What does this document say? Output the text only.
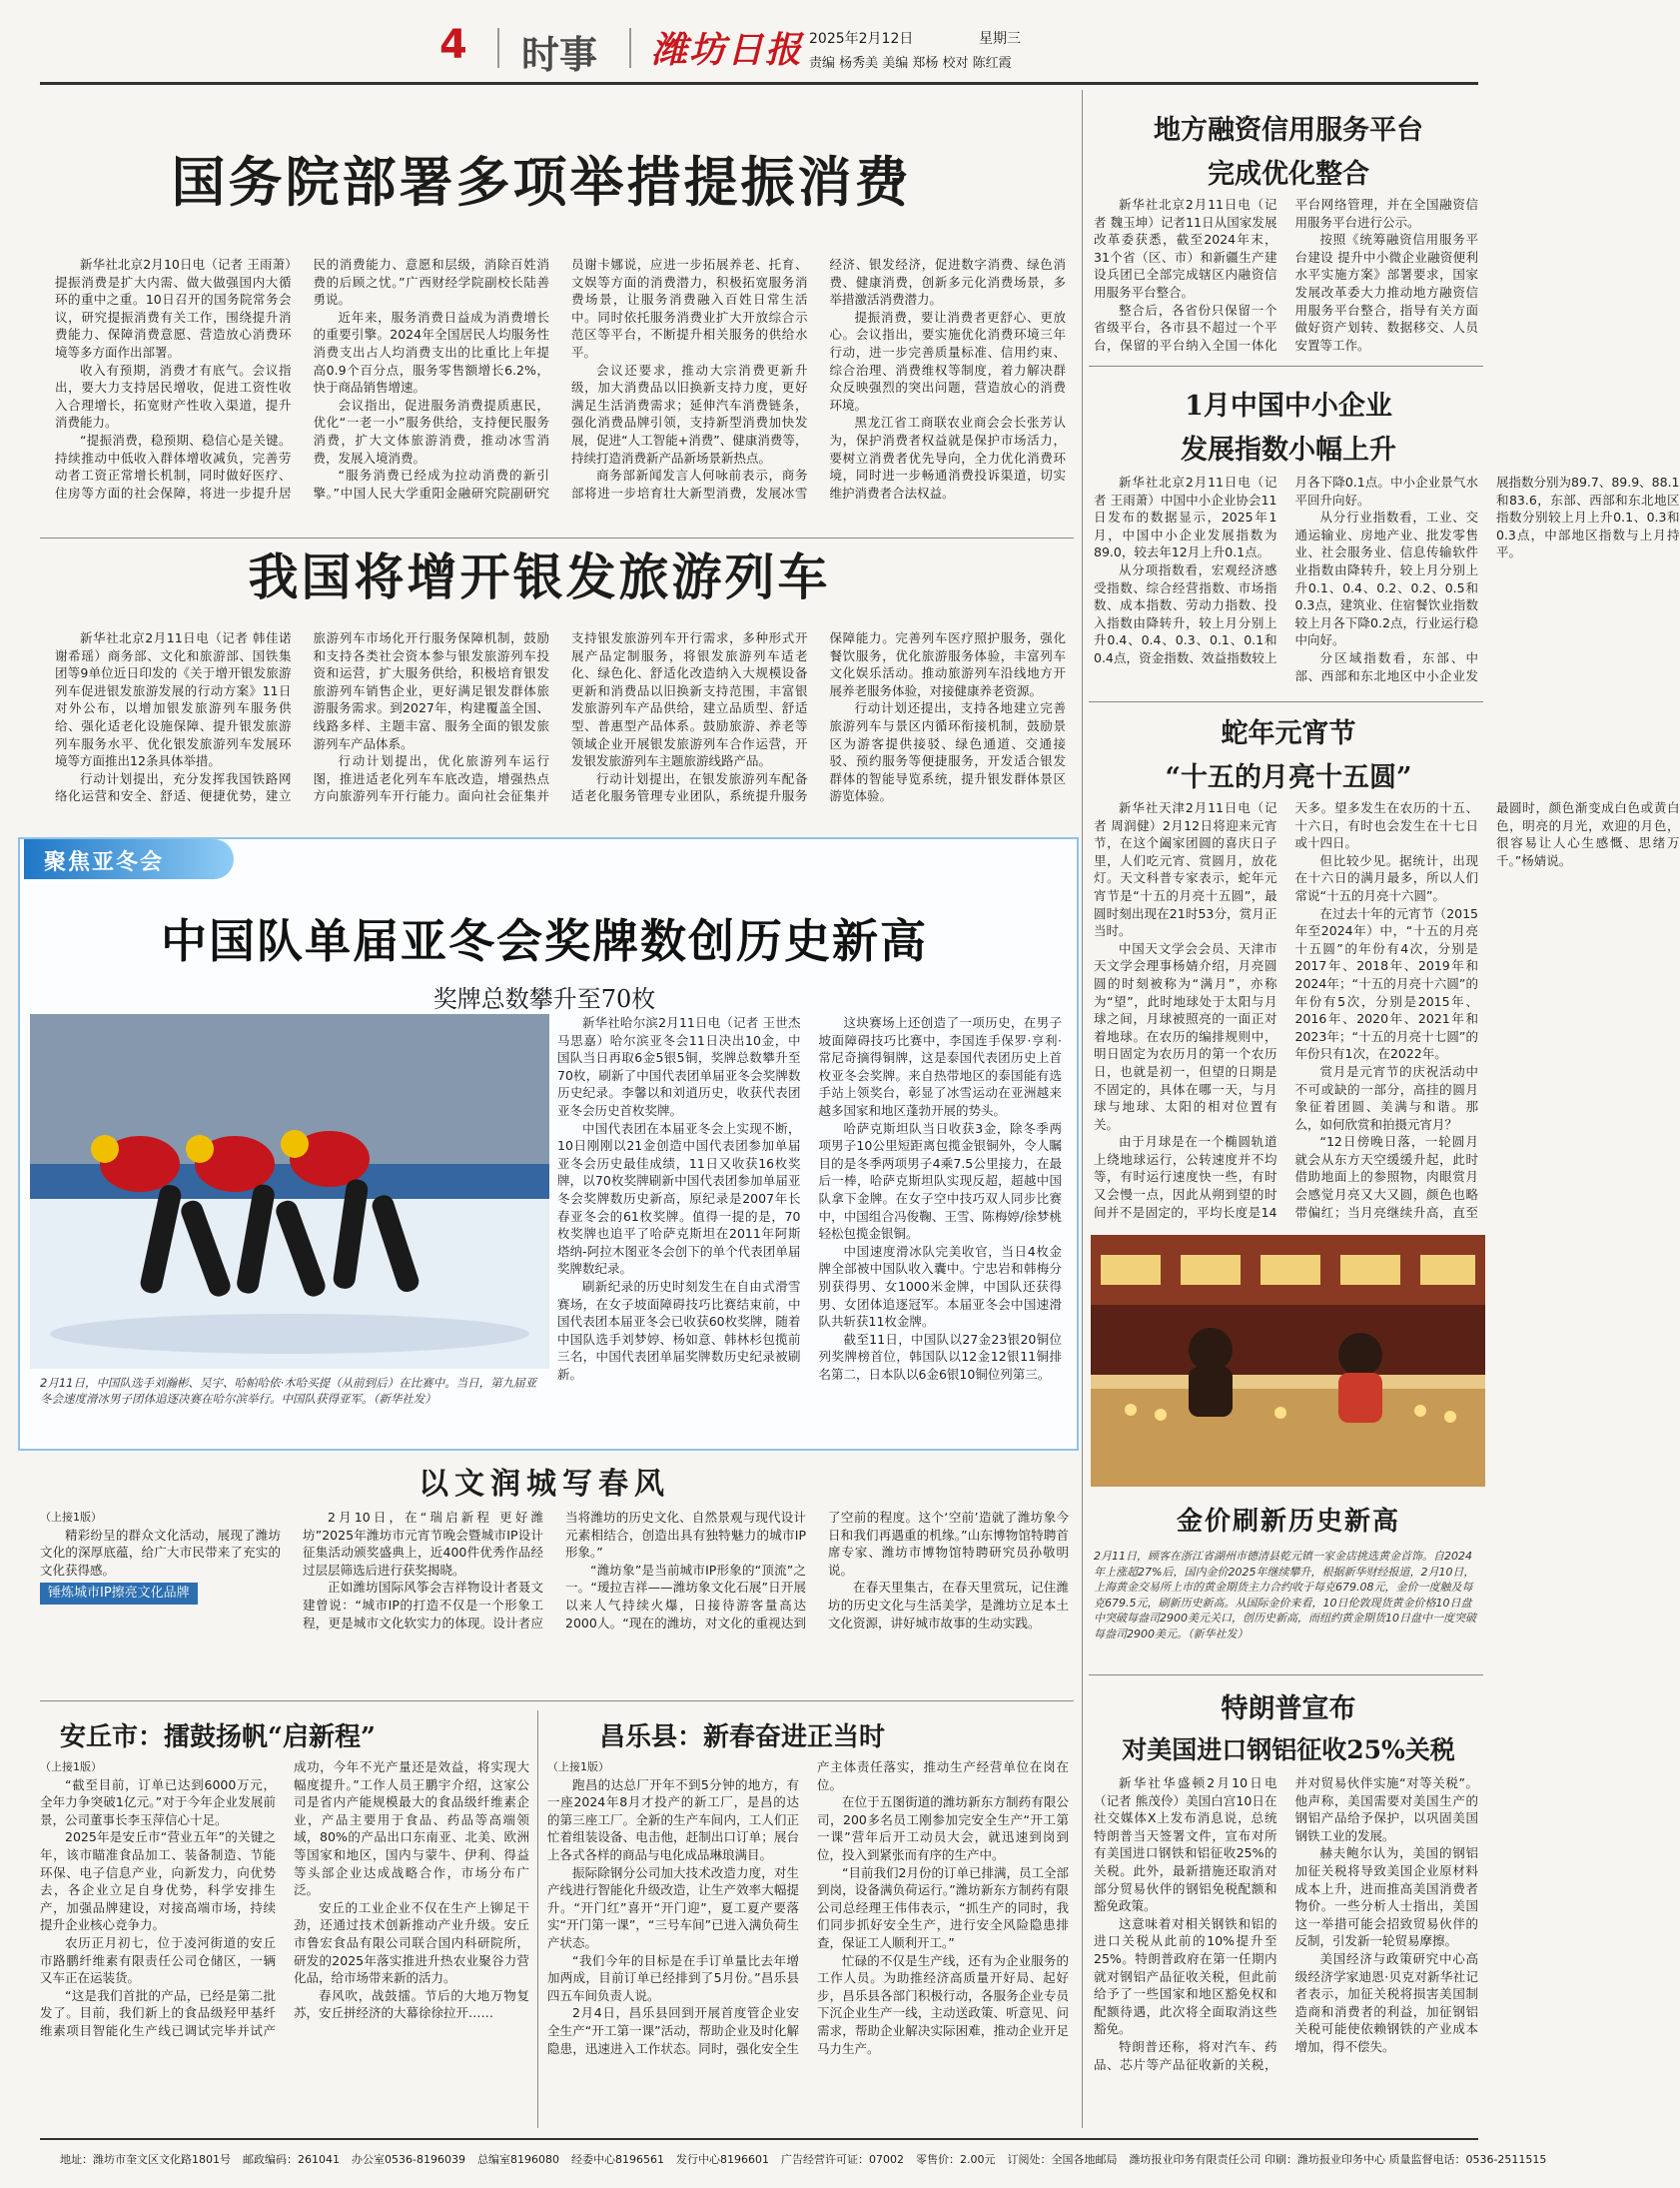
4 时事 潍坊日报 2025年2月12日	星期三
责编 杨秀美 美编 郑杨 校对 陈红霞
国务院部署多项举措提振消费

新华社北京2月10日电（记者 王雨萧）提振消费是扩大内需、做大做强国内大循环的重中之重。10日召开的国务院常务会议，研究提振消费有关工作，围绕提升消费能力、保障消费意愿、营造放心消费环境等多方面作出部署。

收入有预期，消费才有底气。会议指出，要大力支持居民增收，促进工资性收入合理增长，拓宽财产性收入渠道，提升消费能力。

“提振消费，稳预期、稳信心是关键。持续推动中低收入群体增收减负，完善劳动者工资正常增长机制，同时做好医疗、住房等方面的社会保障，将进一步提升居民的消费能力、意愿和层级，消除百姓消费的后顾之忧。”广西财经学院副校长陆善勇说。

近年来，服务消费日益成为消费增长的重要引擎。2024年全国居民人均服务性消费支出占人均消费支出的比重比上年提高0.9个百分点，服务零售额增长6.2%，快于商品销售增速。

会议指出，促进服务消费提质惠民，优化“一老一小”服务供给，支持便民服务消费，扩大文体旅游消费，推动冰雪消费，发展入境消费。

“服务消费已经成为拉动消费的新引擎。”中国人民大学重阳金融研究院副研究员谢卡娜说，应进一步拓展养老、托育、文娱等方面的消费潜力，积极拓宽服务消费场景，让服务消费融入百姓日常生活中。同时依托服务消费业扩大开放综合示范区等平台，不断提升相关服务的供给水平。

会议还要求，推动大宗消费更新升级，加大消费品以旧换新支持力度，更好满足生活消费需求；延伸汽车消费链条，强化消费品牌引领，支持新型消费加快发展，促进“人工智能+消费”、健康消费等，持续打造消费新产品新场景新热点。

商务部新闻发言人何咏前表示，商务部将进一步培育壮大新型消费，发展冰雪经济、银发经济，促进数字消费、绿色消费、健康消费，创新多元化消费场景，多举措激活消费潜力。

提振消费，要让消费者更舒心、更放心。会议指出，要实施优化消费环境三年行动，进一步完善质量标准、信用约束、综合治理、消费维权等制度，着力解决群众反映强烈的突出问题，营造放心的消费环境。

黑龙江省工商联农业商会会长张芳认为，保护消费者权益就是保护市场活力，要树立消费者优先导向，全力优化消费环境，同时进一步畅通消费投诉渠道，切实维护消费者合法权益。

我国将增开银发旅游列车

新华社北京2月11日电（记者 韩佳诺 谢希瑶）商务部、文化和旅游部、国铁集团等9单位近日印发的《关于增开银发旅游列车促进银发旅游发展的行动方案》11日对外公布，以增加银发旅游列车服务供给、强化适老化设施保障、提升银发旅游列车服务水平、优化银发旅游列车发展环境等方面推出12条具体举措。

行动计划提出，充分发挥我国铁路网络化运营和安全、舒适、便捷优势，建立旅游列车市场化开行服务保障机制，鼓励和支持各类社会资本参与银发旅游列车投资和运营，扩大服务供给，积极培育银发旅游列车销售企业，更好满足银发群体旅游服务需求。到2027年，构建覆盖全国、线路多样、主题丰富、服务全面的银发旅游列车产品体系。

行动计划提出，优化旅游列车运行图，推进适老化列车车底改造，增强热点方向旅游列车开行能力。面向社会征集并支持银发旅游列车开行需求，多种形式开展产品定制服务，将银发旅游列车适老化、绿色化、舒适化改造纳入大规模设备更新和消费品以旧换新支持范围，丰富银发旅游列车产品供给，建立品质型、舒适型、普惠型产品体系。鼓励旅游、养老等领域企业开展银发旅游列车合作运营，开发银发旅游列车主题旅游线路产品。

行动计划提出，在银发旅游列车配备适老化服务管理专业团队，系统提升服务保障能力。完善列车医疗照护服务，强化餐饮服务，优化旅游服务体验，丰富列车文化娱乐活动。推动旅游列车沿线地方开展养老服务体验，对接健康养老资源。

行动计划还提出，支持各地建立完善旅游列车与景区内循环衔接机制，鼓励景区为游客提供接驳、绿色通道、交通接驳、预约服务等便捷服务，开发适合银发群体的智能导览系统，提升银发群体景区游览体验。

聚焦亚冬会
中国队单届亚冬会奖牌数创历史新高
奖牌总数攀升至70枚
2月11日，中国队选手刘瀚彬、吴宇、哈帕哈依·木哈买提（从前到后）在比赛中。当日，第九届亚冬会速度滑冰男子团体追逐决赛在哈尔滨举行。中国队获得亚军。（新华社发）

新华社哈尔滨2月11日电（记者 王世杰 马思嘉）哈尔滨亚冬会11日决出10金，中国队当日再取6金5银5铜，奖牌总数攀升至70枚，刷新了中国代表团单届亚冬会奖牌数历史纪录。李馨以和刘逍历史，收获代表团亚冬会历史首枚奖牌。

中国代表团在本届亚冬会上实现不断，10日刚刚以21金创造中国代表团参加单届亚冬会历史最佳成绩，11日又收获16枚奖牌，以70枚奖牌刷新中国代表团参加单届亚冬会奖牌数历史新高，原纪录是2007年长春亚冬会的61枚奖牌。值得一提的是，70枚奖牌也追平了哈萨克斯坦在2011年阿斯塔纳-阿拉木图亚冬会创下的单个代表团单届奖牌数纪录。

刷新纪录的历史时刻发生在自由式滑雪赛场，在女子坡面障碍技巧比赛结束前，中国代表团本届亚冬会已收获60枚奖牌，随着中国队选手刘梦婷、杨如意、韩林杉包揽前三名，中国代表团单届奖牌数历史纪录被刷新。

这块赛场上还创造了一项历史，在男子坡面障碍技巧比赛中，李国连手保罗·亨利·常尼奇摘得铜牌，这是泰国代表团历史上首枚亚冬会奖牌。来自热带地区的泰国能有选手站上领奖台，彰显了冰雪运动在亚洲越来越多国家和地区蓬勃开展的势头。

哈萨克斯坦队当日收获3金，除冬季两项男子10公里短距离包揽金银铜外，令人瞩目的是冬季两项男子4乘7.5公里接力，在最后一棒，哈萨克斯坦队实现反超，超越中国队拿下金牌。在女子空中技巧双人同步比赛中，中国组合冯俊鞠、王雪、陈梅婷/徐梦桃轻松包揽金银铜。

中国速度滑冰队完美收官，当日4枚金牌全部被中国队收入囊中。宁忠岩和韩梅分别获得男、女1000米金牌，中国队还获得男、女团体追逐冠军。本届亚冬会中国速滑队共斩获11枚金牌。

截至11日，中国队以27金23银20铜位列奖牌榜首位，韩国队以12金12银11铜排名第二，日本队以6金6银10铜位列第三。

以文润城写春风
（上接1版）

精彩纷呈的群众文化活动，展现了潍坊文化的深厚底蕴，给广大市民带来了充实的文化获得感。

锤炼城市IP擦亮文化品牌

2月10日，在“瑞启新程 更好潍坊”2025年潍坊市元宵节晚会暨城市IP设计征集活动颁奖盛典上，近400件优秀作品经过层层筛选后进行获奖揭晓。

正如潍坊国际风筝会吉祥物设计者聂文建曾说：“城市IP的打造不仅是一个形象工程，更是城市文化软实力的体现。设计者应当将潍坊的历史文化、自然景观与现代设计元素相结合，创造出具有独特魅力的城市IP形象。”

“潍坊象”是当前城市IP形象的“顶流”之一。“瑷拉吉祥——潍坊象文化石展”日开展以来人气持续火爆，日接待游客量高达2000人。“现在的潍坊，对文化的重视达到了空前的程度。这个‘空前’造就了潍坊象今日和我们再遇重的机缘。”山东博物馆特聘首席专家、潍坊市博物馆特聘研究员孙敬明说。

在春天里集古，在春天里赏玩，记住潍坊的历史文化与生活美学，是潍坊立足本土文化资源，讲好城市故事的生动实践。

安丘市：擂鼓扬帆“启新程”
（上接1版）

“截至目前，订单已达到6000万元，全年力争突破1亿元。”对于今年企业发展前景，公司董事长李玉萍信心十足。

2025年是安丘市“营业五年”的关键之年，该市瞄准食品加工、装备制造、节能环保、电子信息产业，向新发力，向优势去，各企业立足自身优势，科学安排生产，加强品牌建设，对接高端市场，持续提升企业核心竞争力。

农历正月初七，位于凌河街道的安丘市路鹏纤维素有限责任公司仓储区，一辆又车正在运装货。

“这是我们首批的产品，已经是第二批发了。目前，我们新上的食品级羟甲基纤维素项目智能化生产线已调试完毕并试产成功，今年不光产量还是效益，将实现大幅度提升。”工作人员王鹏宇介绍，这家公司是省内产能规模最大的食品级纤维素企业，产品主要用于食品、药品等高端领域，80%的产品出口东南亚、北美、欧洲等国家和地区，国内与蒙牛、伊利、得益等头部企业达成战略合作，市场分布广泛。

安丘的工业企业不仅在生产上铆足干劲，还通过技术创新推动产业升级。安丘市鲁宏食品有限公司联合国内科研院所，研发的2025年落实推进升热农业聚谷力营化品，给市场带来新的活力。

春风吹，战鼓擂。节后的大地万物复苏，安丘拼经济的大幕徐徐拉开……

昌乐县：新春奋进正当时
（上接1版）

跑昌的达总厂开年不到5分钟的地方，有一座2024年8月才投产的新工厂，是昌的达的第三座工厂。全新的生产车间内，工人们正忙着组装设备、电击他，赶制出口订单；展台上各式各样的商品与电化成品琳琅满目。

振际除钢分公司加大技术改造力度，对生产线进行智能化升级改造，让生产效率大幅提升。“开门红”喜开“开门迎”，夏工夏产要落实“开门第一课”，“三号车间”已进入满负荷生产状态。

“我们今年的目标是在手订单量比去年增加两成，目前订单已经排到了5月份。”昌乐县四五车间负责人说。

2月4日，昌乐县回到开展首度管企业安全生产“开工第一课”活动，帮助企业及时化解隐患，迅速进入工作状态。同时，强化安全生产主体责任落实，推动生产经营单位在岗在位。

在位于五图街道的潍坊新东方制药有限公司，200多名员工刚参加完安全生产“开工第一课”营年后开工动员大会，就迅速到岗到位，投入到紧张而有序的生产中。

“目前我们2月份的订单已排满，员工全部到岗，设备满负荷运行。”潍坊新东方制药有限公司总经理王伟伟表示，“抓生产的同时，我们同步抓好安全生产，进行安全风险隐患排查，保证工人顺利开工。”

忙碌的不仅是生产线，还有为企业服务的工作人员。为助推经济高质量开好局、起好步，昌乐县各部门积极行动，各服务企业专员下沉企业生产一线，主动送政策、听意见、问需求，帮助企业解决实际困难，推动企业开足马力生产。

地方融资信用服务平台
完成优化整合

新华社北京2月11日电（记者 魏玉坤）记者11日从国家发展改革委获悉，截至2024年末，31个省（区、市）和新疆生产建设兵团已全部完成辖区内融资信用服务平台整合。

整合后，各省份只保留一个省级平台，各市县不超过一个平台，保留的平台纳入全国一体化平台网络管理，并在全国融资信用服务平台进行公示。

按照《统筹融资信用服务平台建设 提升中小微企业融资便利水平实施方案》部署要求，国家发展改革委大力推动地方融资信用服务平台整合，指导有关方面做好资产划转、数据移交、人员安置等工作。

1月中国中小企业
发展指数小幅上升

新华社北京2月11日电（记者 王雨萧）中国中小企业协会11日发布的数据显示，2025年1月，中国中小企业发展指数为89.0，较去年12月上升0.1点。

从分项指数看，宏观经济感受指数、综合经营指数、市场指数、成本指数、劳动力指数、投入指数由降转升，较上月分别上升0.4、0.4、0.3、0.1、0.1和0.4点，资金指数、效益指数较上月各下降0.1点。中小企业景气水平回升向好。

从分行业指数看，工业、交通运输业、房地产业、批发零售业、社会服务业、信息传输软件业指数由降转升，较上月分别上升0.1、0.4、0.2、0.2、0.5和0.3点，建筑业、住宿餐饮业指数较上月各下降0.2点，行业运行稳中向好。

分区域指数看，东部、中部、西部和东北地区中小企业发展指数分别为89.7、89.9、88.1和83.6，东部、西部和东北地区指数分别较上月上升0.1、0.3和0.3点，中部地区指数与上月持平。

蛇年元宵节
“十五的月亮十五圆”

新华社天津2月11日电（记者 周润健）2月12日将迎来元宵节，在这个阖家团圆的喜庆日子里，人们吃元宵、赏圆月，放花灯。天文科普专家表示，蛇年元宵节是“十五的月亮十五圆”，最圆时刻出现在21时53分，赏月正当时。

中国天文学会会员、天津市天文学会理事杨婧介绍，月亮圆圆的时刻被称为“满月”，亦称为“望”，此时地球处于太阳与月球之间，月球被照亮的一面正对着地球。在农历的编排规则中，明日固定为农历月的第一个农历日，也就是初一，但望的日期是不固定的，具体在哪一天，与月球与地球、太阳的相对位置有关。

由于月球是在一个椭圆轨道上绕地球运行，公转速度并不均等，有时运行速度快一些，有时又会慢一点，因此从朔到望的时间并不是固定的，平均长度是14天多。望多发生在农历的十五、十六日，有时也会发生在十七日或十四日。

但比较少见。据统计，出现在十六日的满月最多，所以人们常说“十五的月亮十六圆”。

在过去十年的元宵节（2015年至2024年）中，“十五的月亮十五圆”的年份有4次，分别是2017年、2018年、2019年和2024年；“十五的月亮十六圆”的年份有5次，分别是2015年、2016年、2020年、2021年和2023年；“十五的月亮十七圆”的年份只有1次，在2022年。

赏月是元宵节的庆祝活动中不可或缺的一部分，高挂的圆月象征着团圆、美满与和谐。那么，如何欣赏和拍摄元宵月？

“12日傍晚日落，一轮圆月就会从东方天空缓缓升起，此时借助地面上的参照物，肉眼赏月会感觉月亮又大又圆，颜色也略带偏红；当月亮继续升高，直至最圆时，颜色渐变成白色或黄白色，明亮的月光，欢迎的月色，很容易让人心生感慨、思绪万千。”杨婧说。

金价刷新历史新高
2月11日，顾客在浙江省湖州市德清县乾元镇一家金店挑选黄金首饰。自2024年上涨超27%后，国内金价2025年继续攀升，根据新华财经报道，2月10日，上海黄金交易所上市的黄金期货主力合约收于每克679.08元，金价一度触及每克679.5元，刷新历史新高。从国际金价来看，10日伦敦现货黄金价格10日盘中突破每盎司2900美元关口，创历史新高，而纽约黄金期货10日盘中一度突破每盎司2900美元。（新华社发）
特朗普宣布
对美国进口钢铝征收25%关税

新华社华盛顿2月10日电（记者 熊茂伶）美国白宫10日在社交媒体X上发布消息说，总统特朗普当天签署文件，宣布对所有美国进口钢铁和铝征收25%的关税。此外，最新措施还取消对部分贸易伙伴的钢铝免税配额和豁免政策。

这意味着对相关钢铁和铝的进口关税从此前的10%提升至25%。特朗普政府在第一任期内就对钢铝产品征收关税，但此前给予了一些国家和地区豁免权和配额待遇，此次将全面取消这些豁免。

特朗普还称，将对汽车、药品、芯片等产品征收新的关税，并对贸易伙伴实施“对等关税”。他声称，美国需要对美国生产的钢铝产品给予保护，以巩固美国钢铁工业的发展。

赫夫鲍尔认为，美国的钢铝加征关税将导致美国企业原材料成本上升，进而推高美国消费者物价。一些分析人士指出，美国这一举措可能会招致贸易伙伴的反制，引发新一轮贸易摩擦。

美国经济与政策研究中心高级经济学家迪恩·贝克对新华社记者表示，加征关税将损害美国制造商和消费者的利益，加征钢铝关税可能使依赖钢铁的产业成本增加，得不偿失。

地址：潍坊市奎文区文化路1801号 邮政编码：261041 办公室0536-8196039 总编室8196080 经委中心8196561 发行中心8196601 广告经营许可证：07002 零售价：2.00元 订阅处：全国各地邮局 潍坊报业印务有限责任公司 印刷：潍坊报业印务中心 质量监督电话：0536-2511515
